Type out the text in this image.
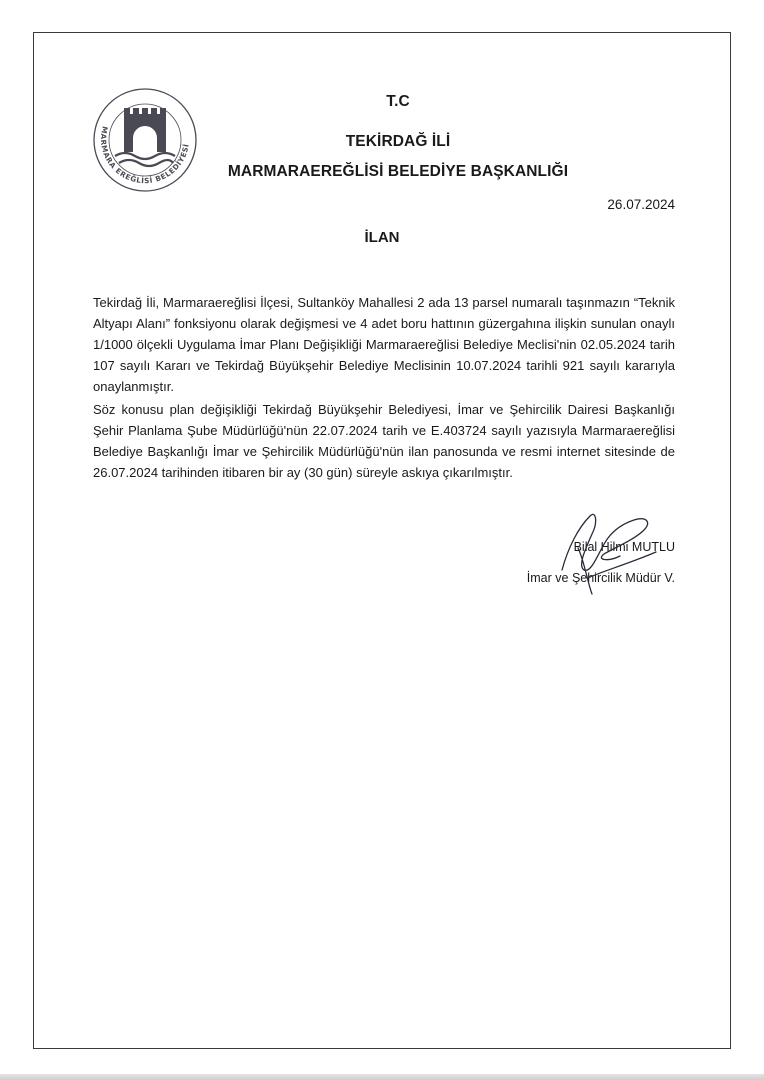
MARMARA EREĞLİSİ BELEDİYESİ
T.C
TEKİRDAĞ İLİ
MARMARAEREĞLİSİ BELEDİYE BAŞKANLIĞI
26.07.2024
İLAN

Tekirdağ İli, Marmaraereğlisi İlçesi, Sultanköy Mahallesi 2 ada 13 parsel numaralı taşınmazın “Teknik Altyapı Alanı” fonksiyonu olarak değişmesi ve 4 adet boru hattının güzergahına ilişkin sunulan onaylı 1/1000 ölçekli Uygulama İmar Planı Değişikliği Marmaraereğlisi Belediye Meclisi'nin 02.05.2024 tarih 107 sayılı Kararı ve Tekirdağ Büyükşehir Belediye Meclisinin 10.07.2024 tarihli 921 sayılı kararıyla onaylanmıştır.

Söz konusu plan değişikliği Tekirdağ Büyükşehir Belediyesi, İmar ve Şehircilik Dairesi Başkanlığı Şehir Planlama Şube Müdürlüğü'nün 22.07.2024 tarih ve E.403724 sayılı yazısıyla Marmaraereğlisi Belediye Başkanlığı İmar ve Şehircilik Müdürlüğü'nün ilan panosunda ve resmi internet sitesinde de 26.07.2024 tarihinden itibaren bir ay (30 gün) süreyle askıya çıkarılmıştır.

Bilal Hilmi MUTLU
İmar ve Şehircilik Müdür V.
